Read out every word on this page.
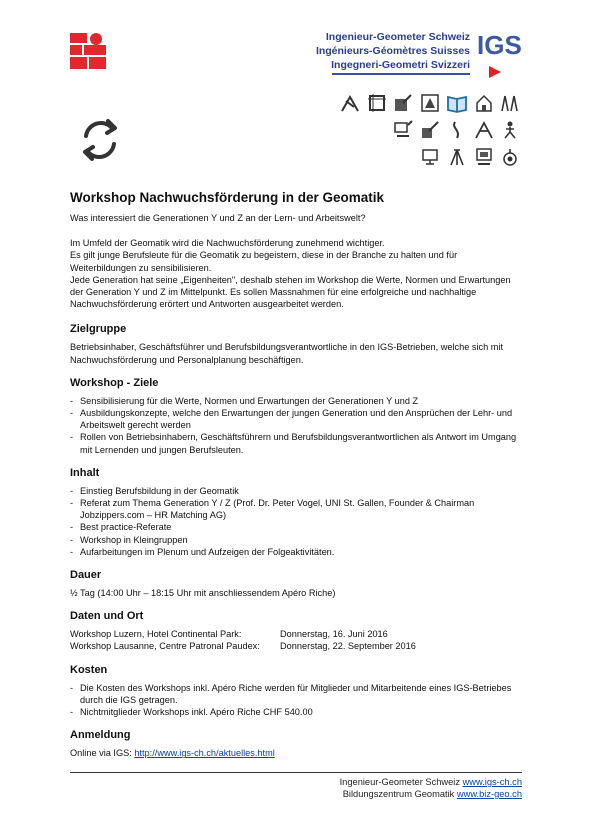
Ingenieur-Geometer Schweiz
Ingénieurs-Géomètres Suisses
Ingegneri-Geometri Svizzeri
IGS
Workshop Nachwuchsförderung in der Geomatik

Was interessiert die Generationen Y und Z an der Lern- und Arbeitswelt?

Im Umfeld der Geomatik wird die Nachwuchsförderung zunehmend wichtiger.

Es gilt junge Berufsleute für die Geomatik zu begeistern, diese in der Branche zu halten und für Weiterbildungen zu sensibilisieren.

Jede Generation hat seine „Eigenheiten", deshalb stehen im Workshop die Werte, Normen und Erwartungen der Generation Y und Z im Mittelpunkt. Es sollen Massnahmen für eine erfolgreiche und nachhaltige Nachwuchsförderung erörtert und Antworten ausgearbeitet werden.

Zielgruppe

Betriebsinhaber, Geschäftsführer und Berufsbildungsverantwortliche in den IGS-Betrieben, welche sich mit Nachwuchsförderung und Personalplanung beschäftigen.

Workshop - Ziele
- Sensibilisierung für die Werte, Normen und Erwartungen der Generationen Y und Z
- Ausbildungskonzepte, welche den Erwartungen der jungen Generation und den Ansprüchen der Lehr- und Arbeitswelt gerecht werden
- Rollen von Betriebsinhabern, Geschäftsführern und Berufsbildungsverantwortlichen als Antwort im Umgang mit Lernenden und jungen Berufsleuten.
Inhalt
- Einstieg Berufsbildung in der Geomatik
- Referat zum Thema Generation Y / Z (Prof. Dr. Peter Vogel, UNI St. Gallen, Founder & Chairman Jobzippers.com – HR Matching AG)
- Best practice-Referate
- Workshop in Kleingruppen
- Aufarbeitungen im Plenum und Aufzeigen der Folgeaktivitäten.
Dauer

½ Tag (14:00 Uhr – 18:15 Uhr mit anschliessendem Apéro Riche)

Daten und Ort
Workshop Luzern, Hotel Continental Park:	Donnerstag, 16. Juni 2016
Workshop Lausanne, Centre Patronal Paudex:	Donnerstag, 22. September 2016
Kosten
- Die Kosten des Workshops inkl. Apéro Riche werden für Mitglieder und Mitarbeitende eines IGS-Betriebes durch die IGS getragen.
- Nichtmitglieder Workshops inkl. Apéro Riche CHF 540.00
Anmeldung

Online via IGS: http://www.igs-ch.ch/aktuelles.html

Ingenieur-Geometer Schweiz www.igs-ch.ch
Bildungszentrum Geomatik www.biz-geo.ch
